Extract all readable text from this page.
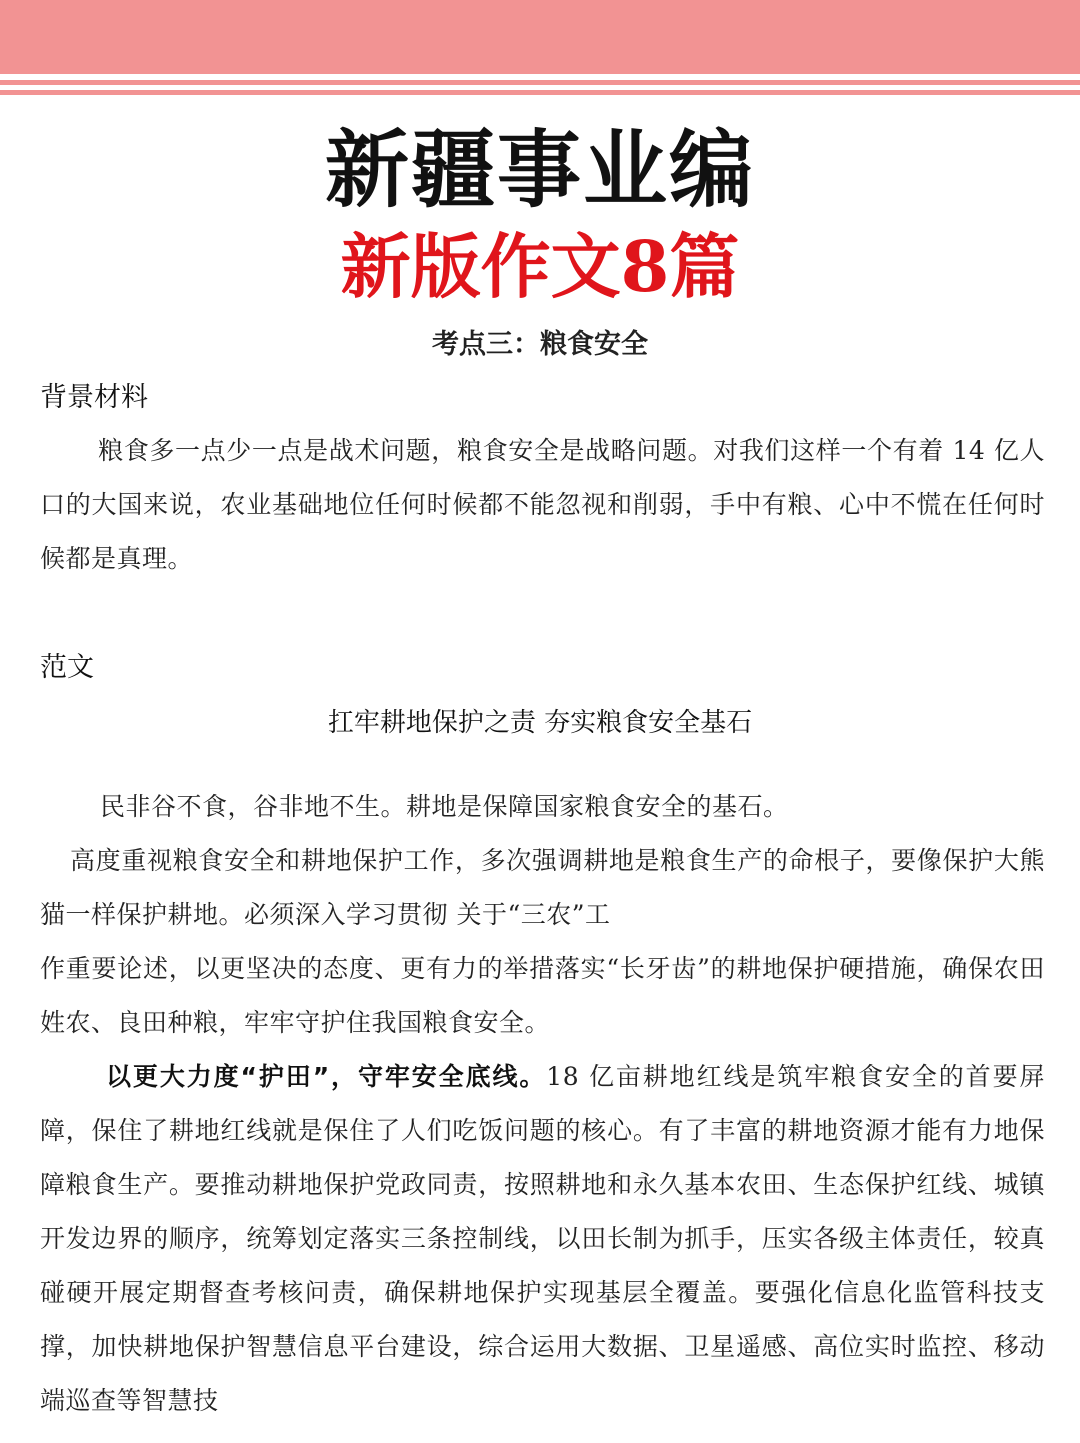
新疆事业编
新版作文8篇
考点三：粮食安全
背景材料
粮食多一点少一点是战术问题，粮食安全是战略问题。对我们这样一个有着 14 亿人口的大国来说，农业基础地位任何时候都不能忽视和削弱，手中有粮、心中不慌在任何时候都是真理。
范文
扛牢耕地保护之责 夯实粮食安全基石

民非谷不食，谷非地不生。耕地是保障国家粮食安全的基石。

高度重视粮食安全和耕地保护工作，多次强调耕地是粮食生产的命根子，要像保护大熊猫一样保护耕地。必须深入学习贯彻 关于“三农”工

作重要论述，以更坚决的态度、更有力的举措落实“长牙齿”的耕地保护硬措施，确保农田姓农、良田种粮，牢牢守护住我国粮食安全。

以更大力度“护田”，守牢安全底线。18 亿亩耕地红线是筑牢粮食安全的首要屏障，保住了耕地红线就是保住了人们吃饭问题的核心。有了丰富的耕地资源才能有力地保障粮食生产。要推动耕地保护党政同责，按照耕地和永久基本农田、生态保护红线、城镇开发边界的顺序，统筹划定落实三条控制线，以田长制为抓手，压实各级主体责任，较真碰硬开展定期督查考核问责，确保耕地保护实现基层全覆盖。要强化信息化监管科技支撑，加快耕地保护智慧信息平台建设，综合运用大数据、卫星遥感、高位实时监控、移动端巡查等智慧技
